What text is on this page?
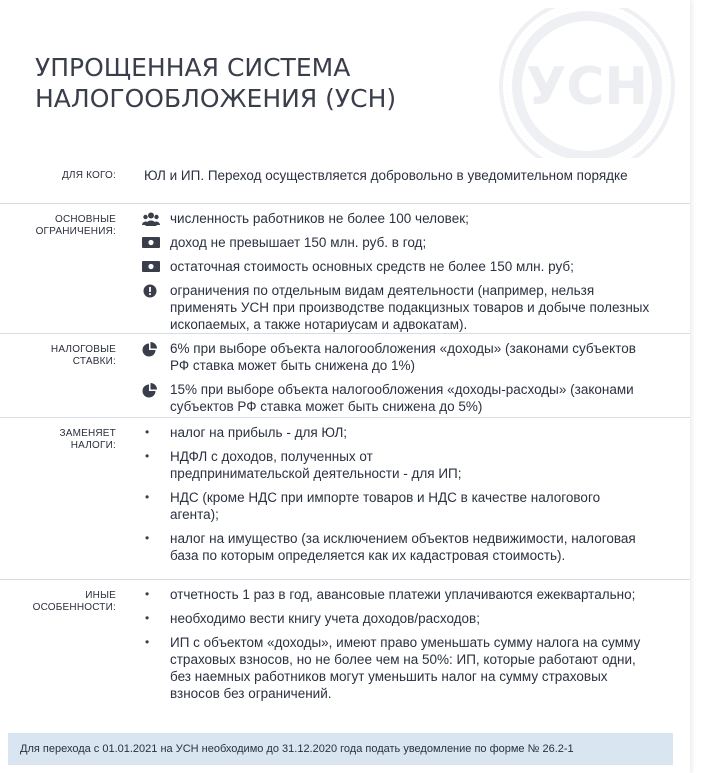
УСН
УПРОЩЕННАЯ СИСТЕМА
НАЛОГООБЛОЖЕНИЯ (УСН)
ДЛЯ КОГО: ЮЛ и ИП. Переход осуществляется добровольно в уведомительном порядке
ОСНОВНЫЕ
ОГРАНИЧЕНИЯ:
численность работников не более 100 человек;
доход не превышает 150 млн. руб. в год;
остаточная стоимость основных средств не более 150 млн. руб;
ограничения по отдельным видам деятельности (например, нельзя применять УСН при производстве подакцизных товаров и добыче полезных ископаемых, а также нотариусам и адвокатам).
НАЛОГОВЫЕ
СТАВКИ:
6% при выборе объекта налогообложения «доходы» (законами субъектов РФ ставка может быть снижена до 1%)
15% при выборе объекта налогообложения «доходы-расходы» (законами субъектов РФ ставка может быть снижена до 5%)
ЗАМЕНЯЕТ
НАЛОГИ:
• налог на прибыль - для ЮЛ;
• НДФЛ с доходов, полученных от предпринимательской деятельности - для ИП;
• НДС (кроме НДС при импорте товаров и НДС в качестве налогового агента);
• налог на имущество (за исключением объектов недвижимости, налоговая база по которым определяется как их кадастровая стоимость).
ИНЫЕ
ОСОБЕННОСТИ:
• отчетность 1 раз в год, авансовые платежи уплачиваются ежеквартально;
• необходимо вести книгу учета доходов/расходов;
• ИП с объектом «доходы», имеют право уменьшать сумму налога на сумму страховых взносов, но не более чем на 50%: ИП, которые работают одни, без наемных работников могут уменьшить налог на сумму страховых взносов без ограничений.
Для перехода с 01.01.2021 на УСН необходимо до 31.12.2020 года подать уведомление по форме № 26.2-1
